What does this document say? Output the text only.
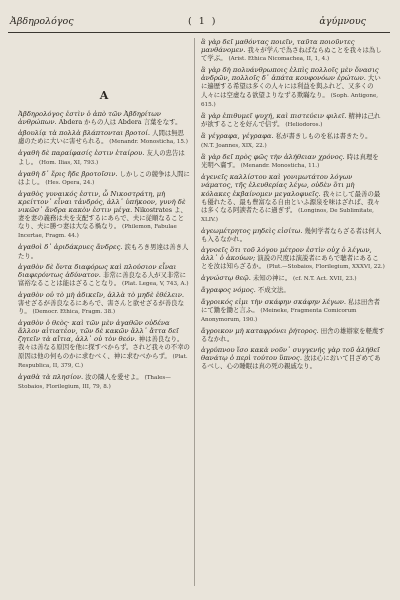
Ἀβδηρολόγος	( 1 )	ἀγύμνους
A

Ἀβδηρολόγος ἐστὶν ὁ ἀπὸ τῶν Ἀβδηρίτων ἀνθρώπων. Abdera からの人は Abdera 言葉をなす。

ἀβουλίᾳ τὰ πολλὰ βλάπτονται βροτοί. 人間は無思慮のために大いに害せられる。 (Menandr. Monosticha, 15.)

ἀγαθὴ δὲ παραίφασίς ἐστιν ἑταίρου. 友人の忠告はよし。 (Hom. Ilias, XI, 793.)

ἀγαθὴ δ᾽ ἔρις ἥδε βροτοῖσιν. しかしこの競争は人間にはよし。 (Hes. Opera, 24.)

ἀγαθὸς γυναικός ἐστιν, ὦ Νικοστράτη, μὴ κρείττον᾽ εἶναι τἀνδρός, ἀλλ᾽ ὑπήκοον, γυνὴ δὲ νικῶσ᾽ ἄνδρα κακὸν ἐστιν μέγα. Nikostrates よ、妻を妻の義務は夫を支配するにあらで、夫に従順なることなり、夫に勝つ妻は大なる禍なり。 (Philemon, Fabulae Incertae, Fragm. 44.)

ἀγαθοὶ δ᾽ ἀριδάκρυες ἄνδρες. 涙もろき男達は善き人たり。

ἀγαθὸν δὲ ὄντα διαφόρως καὶ πλούσιον εἶναι διαφερόντως ἀδύνατον. 非常に善良なる人が又非常に富裕なることは能はざることなり。 (Plat. Legea, V, 743, A.)

ἀγαθὸν οὐ τὸ μὴ ἀδικεῖν, ἀλλὰ τὸ μηδὲ ἐθέλειν. 害せざるが善良なるにあらで、害さんと欲せざるが善良なり。 (Democr. Ethica, Fragm. 38.)

ἀγαθὸν ὁ θεὸς· καὶ τῶν μὲν ἀγαθῶν οὐδένα ἄλλον αἰτιατέον, τῶν δὲ κακῶν ἄλλ᾽ ἄττα δεῖ ζητεῖν τὰ αἴτια, ἀλλ᾽ οὐ τὸν θεόν. 神は善良なり。我々は善なる原因を他に探すべからず。されど我々の不幸の原因は他の何ものかに求むべく、神に求むべからず。 (Plat. Respublica, II, 379, C.)

ἀγαθὰ τὰ πλησίον. 汝の隣人を愛せよ。 (Thales—Stobaios, Florilegium, III, 79, 8.)

ἃ γὰρ δεῖ μαθόντας ποιεῖν, ταῦτα ποιοῦντες μανθάνομεν. 我々が学んで為さねばならぬことを我々は為して学ぶ。 (Arist. Ethica Nicomachea, II, 1, 4.)

ἃ γὰρ δὴ πολυάνθρωποις ἐλπὶς πολλοῖς μὲν ὄνασις ἀνδρῶν, πολλοῖς δ᾽ ἀπάτα κουφονόων ἐρώτων. 大いに遍歴する希望は多くの人々には利益を與ふれど、又多くの人々には空虚なる欲望よりなずる欺瞞なり。 (Soph. Antigone, 615.)

ἃ γὰρ ἐπιθυμεῖ ψυχή, καὶ πιστεύειν φιλεῖ. 精神は己れが欲することを好んで信ず。 (Heliodoros.)

ἃ γέγραφα, γέγραφα. 私が書きしものを私は書きたり。 (N.T. Joannes, XIX, 22.)

ἃ γὰρ δεῖ πρὸς φῶς τὴν ἀλήθειαν χρόνος. 時は真理を光明へ齎す。 (Menandr. Monosticha, 11.)

ἀγενεῖς καλλίστου καὶ γονιμωτάτου λόγων νάματος, τῆς ἐλευθερίας λέγω, οὐδὲν ὅτι μὴ κόλακες ἐκβαίνομεν μεγαλοφυεῖς. 我々にして最善の最も優れたる、最も豊富なる自由といふ源泉を味はざれば、我々は多くなる阿諛者たるに過ぎず。 (Longinos, De Sublimitate, XLIV.)

ἀγεωμέτρητος μηδεὶς εἰσίτω. 幾何学者ならざる者は何人も入るなかれ。

ἀγνοεῖς ὅτι τοῦ λόγου μέτρον ἐστὶν οὐχ ὁ λέγων, ἀλλ᾽ ὁ ἀκούων; 演説の尺度は演説者にあらで聴者にあることを汝は知らざるか。 (Plut.—Stobaios, Florilegium, XXXVI, 22.)

ἀγνώστῳ θεῷ. 未知の神に。 (cf. N.T. Act. XVII, 23.)

ἄγραφος νόμος. 不成文法。

ἄγροικός εἰμι τὴν σκάφην σκάφην λέγων. 私は田舎者にて鋤を鋤と言ふ。 (Meineke, Fragmenta Comicorum Anonymorum, 190.)

ἄγροικον μὴ καταφρόνει ῥήτορος. 田舎の雄辯家を軽蔑するなかれ。

ἀγρύπνου ἴσο κακὰ νοῦν᾽ συγγενής γὰρ τοῦ ἀλήθεῖ θανάτῳ ὁ περὶ τούτου ὕπνος. 汝は心において目ざめてあるべし、心の睡眠は真の死の親戚なり。
